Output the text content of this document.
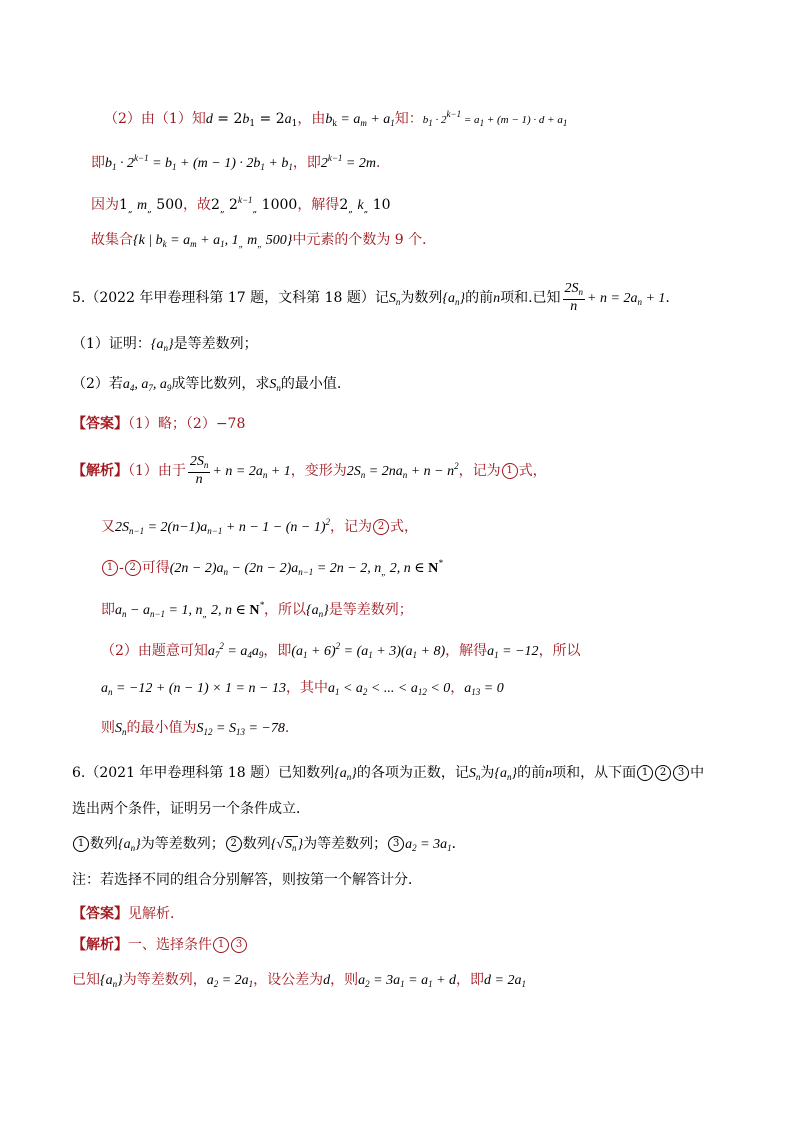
（2）由（1）知$d = 2b_1 = 2a_1$，由$b_k = a_m + a_1$知：$b_1 \cdot 2^{k-1} = a_1 + (m - 1) \cdot d + a_1$
即$b_1 \cdot 2^{k-1} = b_1 + (m - 1) \cdot 2b_1 + b_1$，即$2^{k-1} = 2m$．
因为$1_„$ $m_„$ 500，故$2_„$ $2^{k-1}_„$ 1000，解得$2_„$ $k_„$ 10
故集合{k | $b_k = a_m + a_1$, $1_„$ $m_„$ 500}中元素的个数为 9 个．
5.（2022 年甲卷理科第 17 题，文科第 18 题）记$S_n$为数列$\{a_n\}$的前n项和.已知 $\frac{2S_n}{n} + n = 2a_n + 1$.
（1）证明：$\{a_n\}$是等差数列；
（2）若$a_4$, $a_7$, $a_9$成等比数列，求$S_n$的最小值.
【答案】（1）略；（2）−78
【解析】（1）由于 $\frac{2S_n}{n} + n = 2a_n + 1$，变形为$2S_n = 2na_n + n - n^2$，记为 1 式，
又$2S_{n-1} = 2(n-1)a_{n-1} + n - 1 - (n - 1)^2$，记为 2 式，
1 - 2 可得$(2n - 2)a_n - (2n - 2)a_{n-1} = 2n - 2$, $n_„$ 2, n ∈ N*
即$a_n - a_{n-1} = 1$, $n_„$ 2, n ∈ N*，所以$\{a_n\}$是等差数列；
（2）由题意可知$a_7^2 = a_4a_9$，即$(a_1 + 6)^2 = (a_1 + 3)(a_1 + 8)$，解得$a_1 = -12$，所以
$a_n = -12 + (n - 1) \times 1 = n - 13$，其中$a_1 < a_2$ < ... < $a_{12} < 0$，$a_{13} = 0$
则$S_n$的最小值为$S_{12} = S_{13} = -78$.
6.（2021 年甲卷理科第 18 题）已知数列$\{a_n\}$的各项为正数，记$S_n$为$\{a_n\}$的前n项和，从下面 1 2 3 中
选出两个条件，证明另一个条件成立．
1 数列$\{a_n\}$为等差数列； 2 数列$\{√S_n\}$为等差数列； 3 $a_2 = 3a_1$．
注：若选择不同的组合分别解答，则按第一个解答计分．
【答案】见解析．
【解析】一、选择条件 1 3
已知$\{a_n\}$为等差数列，$a_2 = 2a_1$，设公差为d，则$a_2 = 3a_1 = a_1 + d$，即$d = 2a_1$
